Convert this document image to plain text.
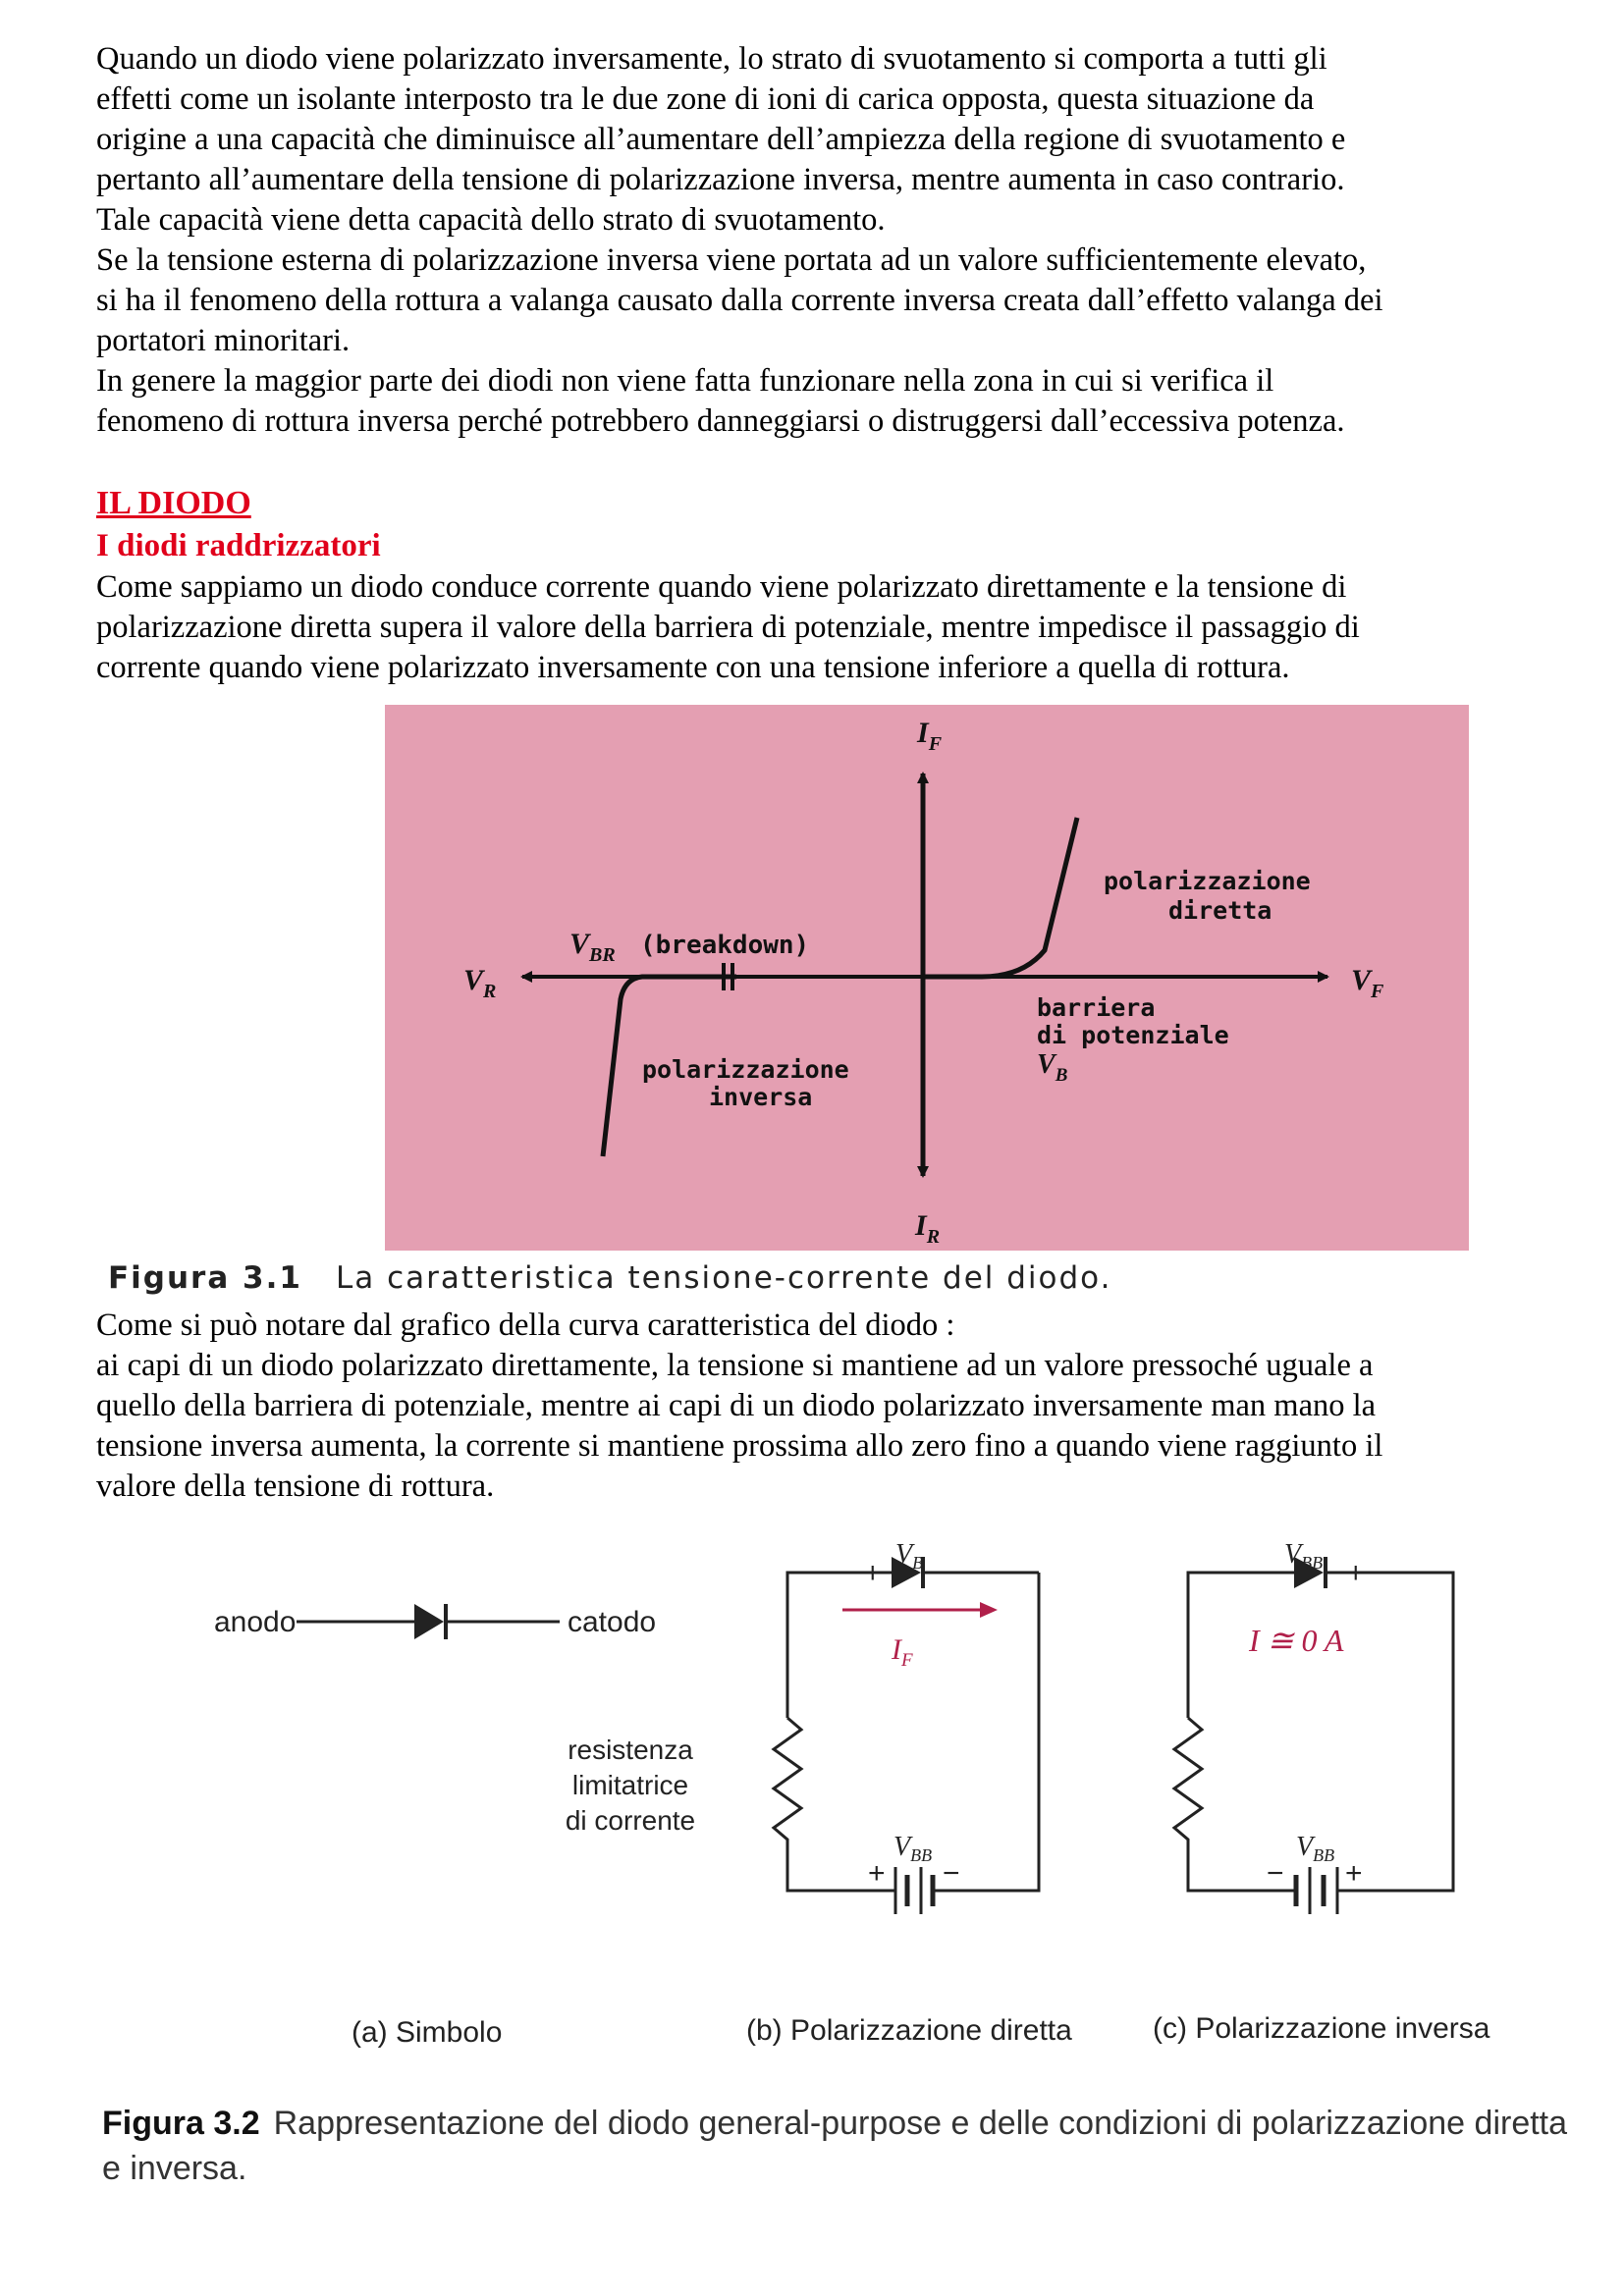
Quando un diodo viene polarizzato inversamente, lo strato di svuotamento si comporta a tutti gli
effetti come un isolante interposto tra le due zone di ioni di carica opposta, questa situazione da
origine a una capacità che diminuisce all’aumentare dell’ampiezza della regione di svuotamento e
pertanto all’aumentare della tensione di polarizzazione inversa, mentre aumenta in caso contrario.
Tale capacità viene detta capacità dello strato di svuotamento.
Se la tensione esterna di polarizzazione inversa viene portata ad un valore sufficientemente elevato,
si ha il fenomeno della rottura a valanga causato dalla corrente inversa creata dall’effetto valanga dei
portatori minoritari.
In genere la maggior parte dei diodi non viene fatta funzionare nella zona in cui si verifica il
fenomeno di rottura inversa perché potrebbero danneggiarsi o distruggersi dall’eccessiva potenza.
IL DIODO
I diodi raddrizzatori
Come sappiamo un diodo conduce corrente quando viene polarizzato direttamente e la tensione di
polarizzazione diretta supera il valore della barriera di potenziale, mentre impedisce il passaggio di
corrente quando viene polarizzato inversamente con una tensione inferiore a quella di rottura.
$I_F$
$I_R$
$V_R$	$V_F$
$V_{BR}$ (breakdown)
polarizzazione
diretta
polarizzazione
inversa
barriera
di potenziale
$V_B$

Figura 3.1 La caratteristica tensione-corrente del diodo.

Come si può notare dal grafico della curva caratteristica del diodo :
ai capi di un diodo polarizzato direttamente, la tensione si mantiene ad un valore pressoché uguale a
quello della barriera di potenziale, mentre ai capi di un diodo polarizzato inversamente man mano la
tensione inversa aumenta, la corrente si mantiene prossima allo zero fino a quando viene raggiunto il
valore della tensione di rottura.
anodo	catodo
(a) Simbolo
resistenza
limitatrice
di corrente
+
$V_B$ −
$I_F$
$V_{BB}$
+ −
(b) Polarizzazione diretta
−
$V_{BB}$ +
I ≅ 0 A
$V_{BB}$
− +
(c) Polarizzazione inversa

Figura 3.2 Rappresentazione del diodo general-purpose e delle condizioni di polarizzazione diretta e inversa.
